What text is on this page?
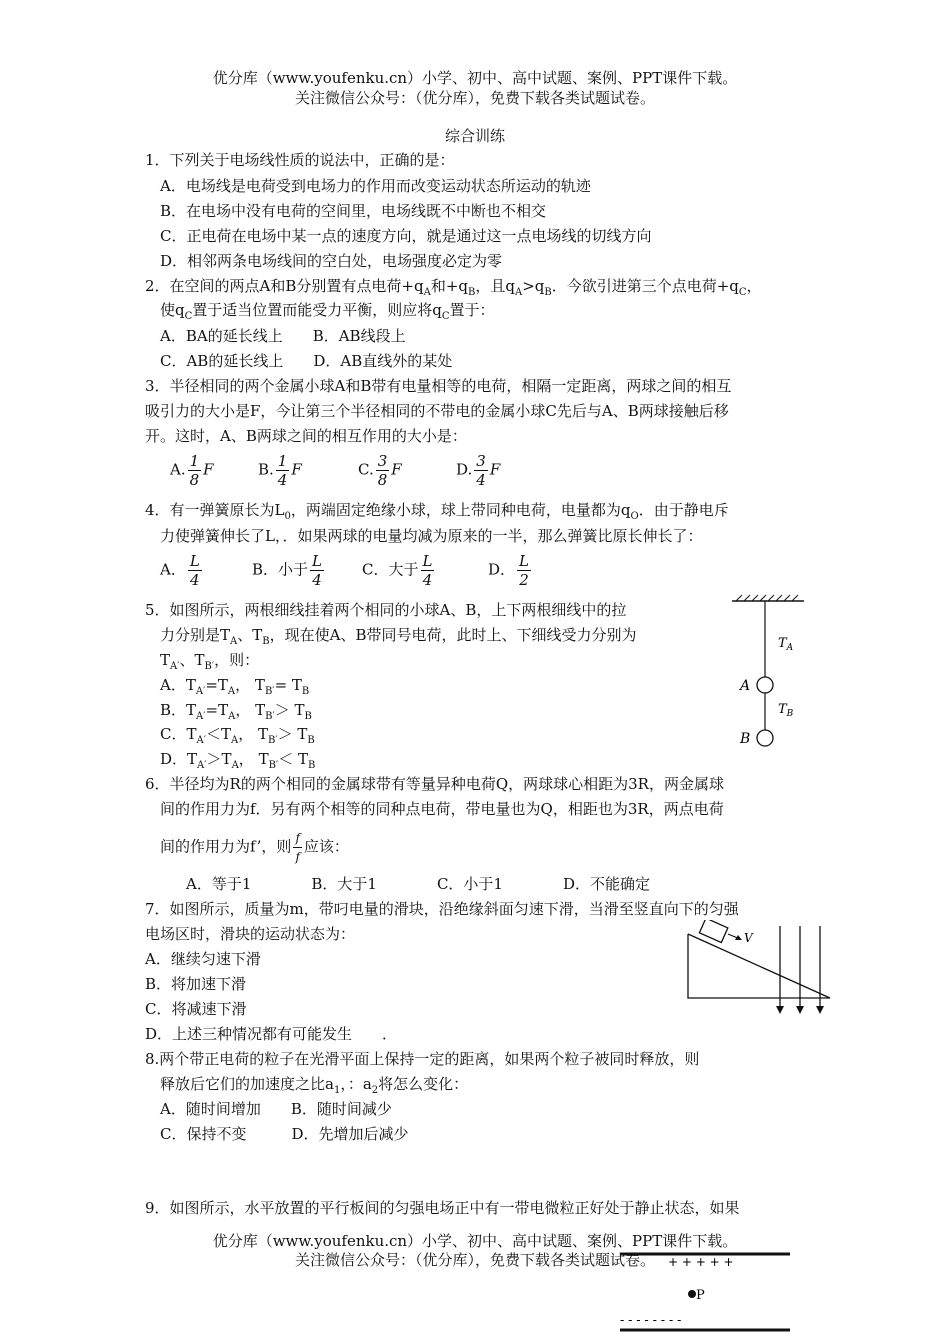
优分库（www.youfenku.cn）小学、初中、高中试题、案例、PPT课件下载。
关注微信公众号：（优分库），免费下载各类试题试卷。
综合训练
1．下列关于电场线性质的说法中，正确的是：
A．电场线是电荷受到电场力的作用而改变运动状态所运动的轨迹
B．在电场中没有电荷的空间里，电场线既不中断也不相交
C．正电荷在电场中某一点的速度方向，就是通过这一点电场线的切线方向
D．相邻两条电场线间的空白处，电场强度必定为零
2．在空间的两点A和B分别置有点电荷$+q_A$和$+q_B$，且$q_A>q_B$．今欲引进第三个点电荷$+q_C$，
使$q_C$置于适当位置而能受力平衡，则应将$q_C$置于：
A．BA的延长线上　　B．AB线段上
C．AB的延长线上　　D．AB直线外的某处
3．半径相同的两个金属小球A和B带有电量相等的电荷，相隔一定距离，两球之间的相互
吸引力的大小是F，今让第三个半径相同的不带电的金属小球C先后与A、B两球接触后移
开。这时，A、B两球之间的相互作用的大小是：
A. $\frac{1}{8}$ F	B. $\frac{1}{4}$ F	C. $\frac{3}{8}$ F	D. $\frac{3}{4}$ F
4．有一弹簧原长为$L_0$，两端固定绝缘小球，球上带同种电荷，电量都为$q_O$．由于静电斥
力使弹簧伸长了L，．如果两球的电量均减为原来的一半，那么弹簧比原长伸长了：
A． $\frac{L}{4}$	B．小于 $\frac{L}{4}$	C．大于 $\frac{L}{4}$	D． $\frac{L}{2}$
5．如图所示，两根细线挂着两个相同的小球A、B，上下两根细线中的拉
力分别是$T_A$、$T_B$，现在使A、B带同号电荷，此时上、下细线受力分别为
$T_{A'}$、$T_{B'}$，则：
A．$T_{A'}=T_A$， $T_{B'}= T_B$
B．$T_{A'}=T_A$， $T_{B'}> T_B$
C．$T_{A'}<T_A$， $T_{B'}> T_B$
D．$T_{A'}>T_A$， $T_{B'}< T_B$
$T_A$
$T_B$
A
B
6．半径均为R的两个相同的金属球带有等量异种电荷Q，两球球心相距为3R，两金属球
间的作用力为f．另有两个相等的同种点电荷，带电量也为Q，相距也为3R，两点电荷
间的作用力为f’，则 $\frac{f}{f}$ 应该：
A．等于1　　　　B．大于1　　　　C．小于1　　　　D．不能确定
7．如图所示，质量为m，带叼电量的滑块，沿绝缘斜面匀速下滑，当滑至竖直向下的匀强
电场区时，滑块的运动状态为：
A．继续匀速下滑
B．将加速下滑
C．将减速下滑
D．上述三种情况都有可能发生　　．
V
8.两个带正电荷的粒子在光滑平面上保持一定的距离，如果两个粒子被同时释放，则
释放后它们的加速度之比$a_1$，：$a_2$将怎么变化：
A．随时间增加　　B．随时间减少
C．保持不变　　　D．先增加后减少
9．如图所示，水平放置的平行板间的匀强电场正中有一带电微粒正好处于静止状态，如果
优分库（www.youfenku.cn）小学、初中、高中试题、案例、PPT课件下载。
关注微信公众号：（优分库），免费下载各类试题试卷。	+ + + + +
P
- - - - - - - -
